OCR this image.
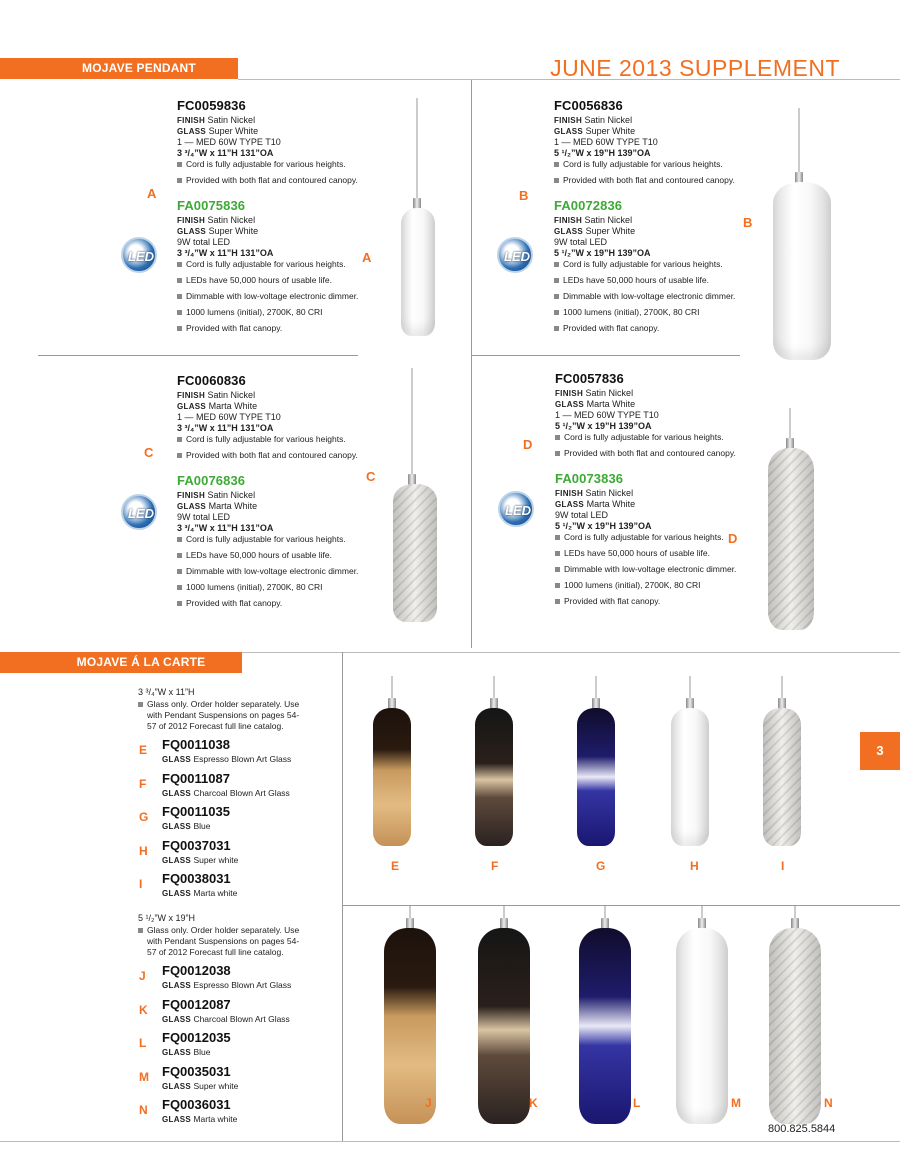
MOJAVE PENDANT	JUNE 2013 SUPPLEMENT
FC0059836
FINISH Satin Nickel
GLASS Super White
1 — MED 60W TYPE T10
3 ³/₄”W x 11”H 131”OA
Cord is fully adjustable for various heights.
Provided with both flat and contoured canopy.
FA0075836
FINISH Satin Nickel
GLASS Super White
9W total LED
3 ³/₄”W x 11”H 131”OA
Cord is fully adjustable for various heights.
LEDs have 50,000 hours of usable life.
Dimmable with low-voltage electronic dimmer.
1000 lumens (initial), 2700K, 80 CRI
Provided with flat canopy.
FC0056836
FINISH Satin Nickel
GLASS Super White
1 — MED 60W TYPE T10
5 ¹/₂”W x 19”H 139”OA
Cord is fully adjustable for various heights.
Provided with both flat and contoured canopy.
FA0072836
FINISH Satin Nickel
GLASS Super White
9W total LED
5 ¹/₂”W x 19”H 139”OA
Cord is fully adjustable for various heights.
LEDs have 50,000 hours of usable life.
Dimmable with low-voltage electronic dimmer.
1000 lumens (initial), 2700K, 80 CRI
Provided with flat canopy.
FC0060836
FINISH Satin Nickel
GLASS Marta White
1 — MED 60W TYPE T10
3 ³/₄”W x 11”H 131”OA
Cord is fully adjustable for various heights.
Provided with both flat and contoured canopy.
FA0076836
FINISH Satin Nickel
GLASS Marta White
9W total LED
3 ³/₄”W x 11”H 131”OA
Cord is fully adjustable for various heights.
LEDs have 50,000 hours of usable life.
Dimmable with low-voltage electronic dimmer.
1000 lumens (initial), 2700K, 80 CRI
Provided with flat canopy.
FC0057836
FINISH Satin Nickel
GLASS Marta White
1 — MED 60W TYPE T10
5 ¹/₂”W x 19”H 139”OA
Cord is fully adjustable for various heights.
Provided with both flat and contoured canopy.
FA0073836
FINISH Satin Nickel
GLASS Marta White
9W total LED
5 ¹/₂”W x 19”H 139”OA
Cord is fully adjustable for various heights.
LEDs have 50,000 hours of usable life.
Dimmable with low-voltage electronic dimmer.
1000 lumens (initial), 2700K, 80 CRI
Provided with flat canopy.
A	B
C
D
A
B
C
D
LED	LED
LED	LED
MOJAVE Á LA CARTE
3 ³/₄”W x 11”H
Glass only. Order holder separately. Use with Pendant Suspensions on pages 54-57 of 2012 Forecast full line catalog.
5 ¹/₂”W x 19”H
Glass only. Order holder separately. Use with Pendant Suspensions on pages 54-57 of 2012 Forecast full line catalog.
E FQ0011038
GLASS Espresso Blown Art Glass
F FQ0011087
GLASS Charcoal Blown Art Glass
G FQ0011035
GLASS Blue
H FQ0037031
GLASS Super white
I FQ0038031
GLASS Marta white
J FQ0012038
GLASS Espresso Blown Art Glass
K FQ0012087
GLASS Charcoal Blown Art Glass
L FQ0012035
GLASS Blue
M FQ0035031
GLASS Super white
N FQ0036031
GLASS Marta white
E	F	G	H	I
J	K	L	M	N
3
800.825.5844
